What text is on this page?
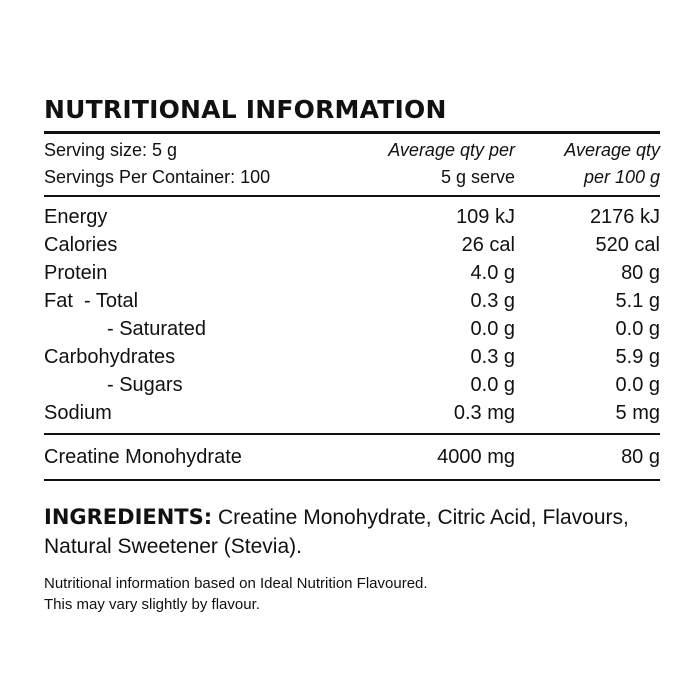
NUTRITIONAL INFORMATION
Serving size: 5 g	Average qty per	Average qty
Servings Per Container: 100	5 g serve	per 100 g
Energy	109 kJ	2176 kJ
Calories	26 cal	520 cal
Protein	4.0 g	80 g
Fat  - Total	0.3 g	5.1 g
- Saturated	0.0 g	0.0 g
Carbohydrates	0.3 g	5.9 g
- Sugars	0.0 g	0.0 g
Sodium	0.3 mg	5 mg
Creatine Monohydrate	4000 mg	80 g
INGREDIENTS: Creatine Monohydrate, Citric Acid, Flavours, Natural Sweetener (Stevia).
Nutritional information based on Ideal Nutrition Flavoured.
This may vary slightly by flavour.
